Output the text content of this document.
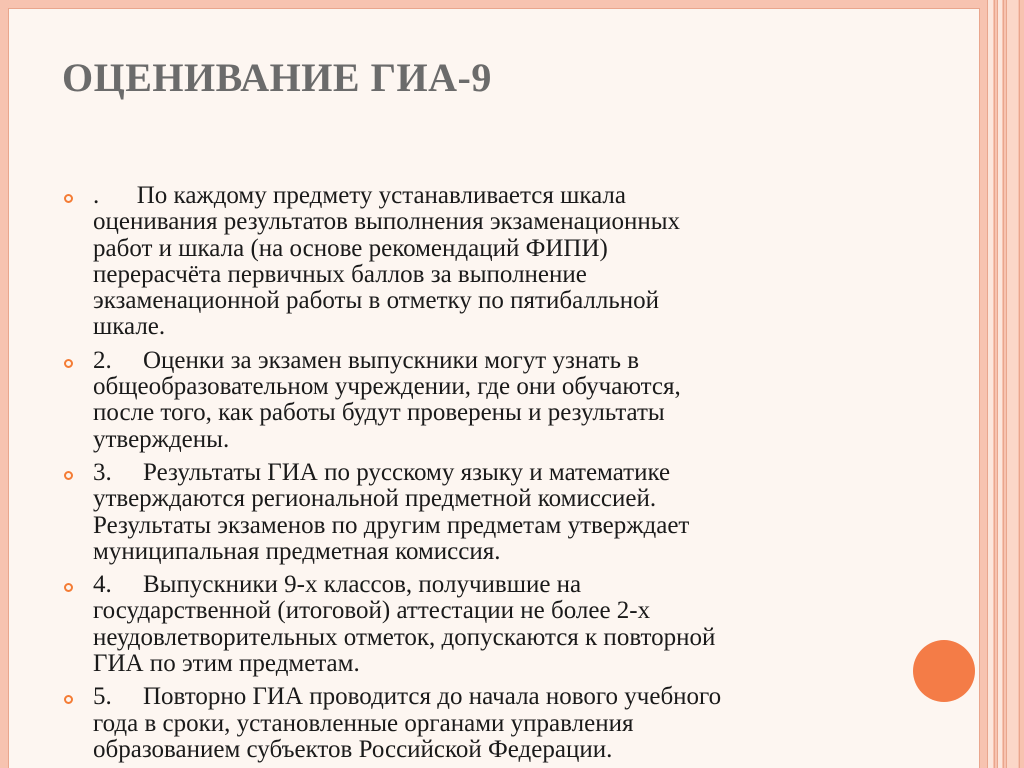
ОЦЕНИВАНИЕ ГИА-9
.      По каждому предмету устанавливается шкала
оценивания результатов выполнения экзаменационных
работ и шкала (на основе рекомендаций ФИПИ)
перерасчёта первичных баллов за выполнение
экзаменационной работы в отметку по пятибалльной
шкале.
2.     Оценки за экзамен выпускники могут узнать в
общеобразовательном учреждении, где они обучаются,
после того, как работы будут проверены и результаты
утверждены.
3.     Результаты ГИА по русскому языку и математике
утверждаются региональной предметной комиссией.
Результаты экзаменов по другим предметам утверждает
муниципальная предметная комиссия.
4.     Выпускники 9-х классов, получившие на
государственной (итоговой) аттестации не более 2-х
неудовлетворительных отметок, допускаются к повторной
ГИА по этим предметам.
5.     Повторно ГИА проводится до начала нового учебного
года в сроки, установленные органами управления
образованием субъектов Российской Федерации.
